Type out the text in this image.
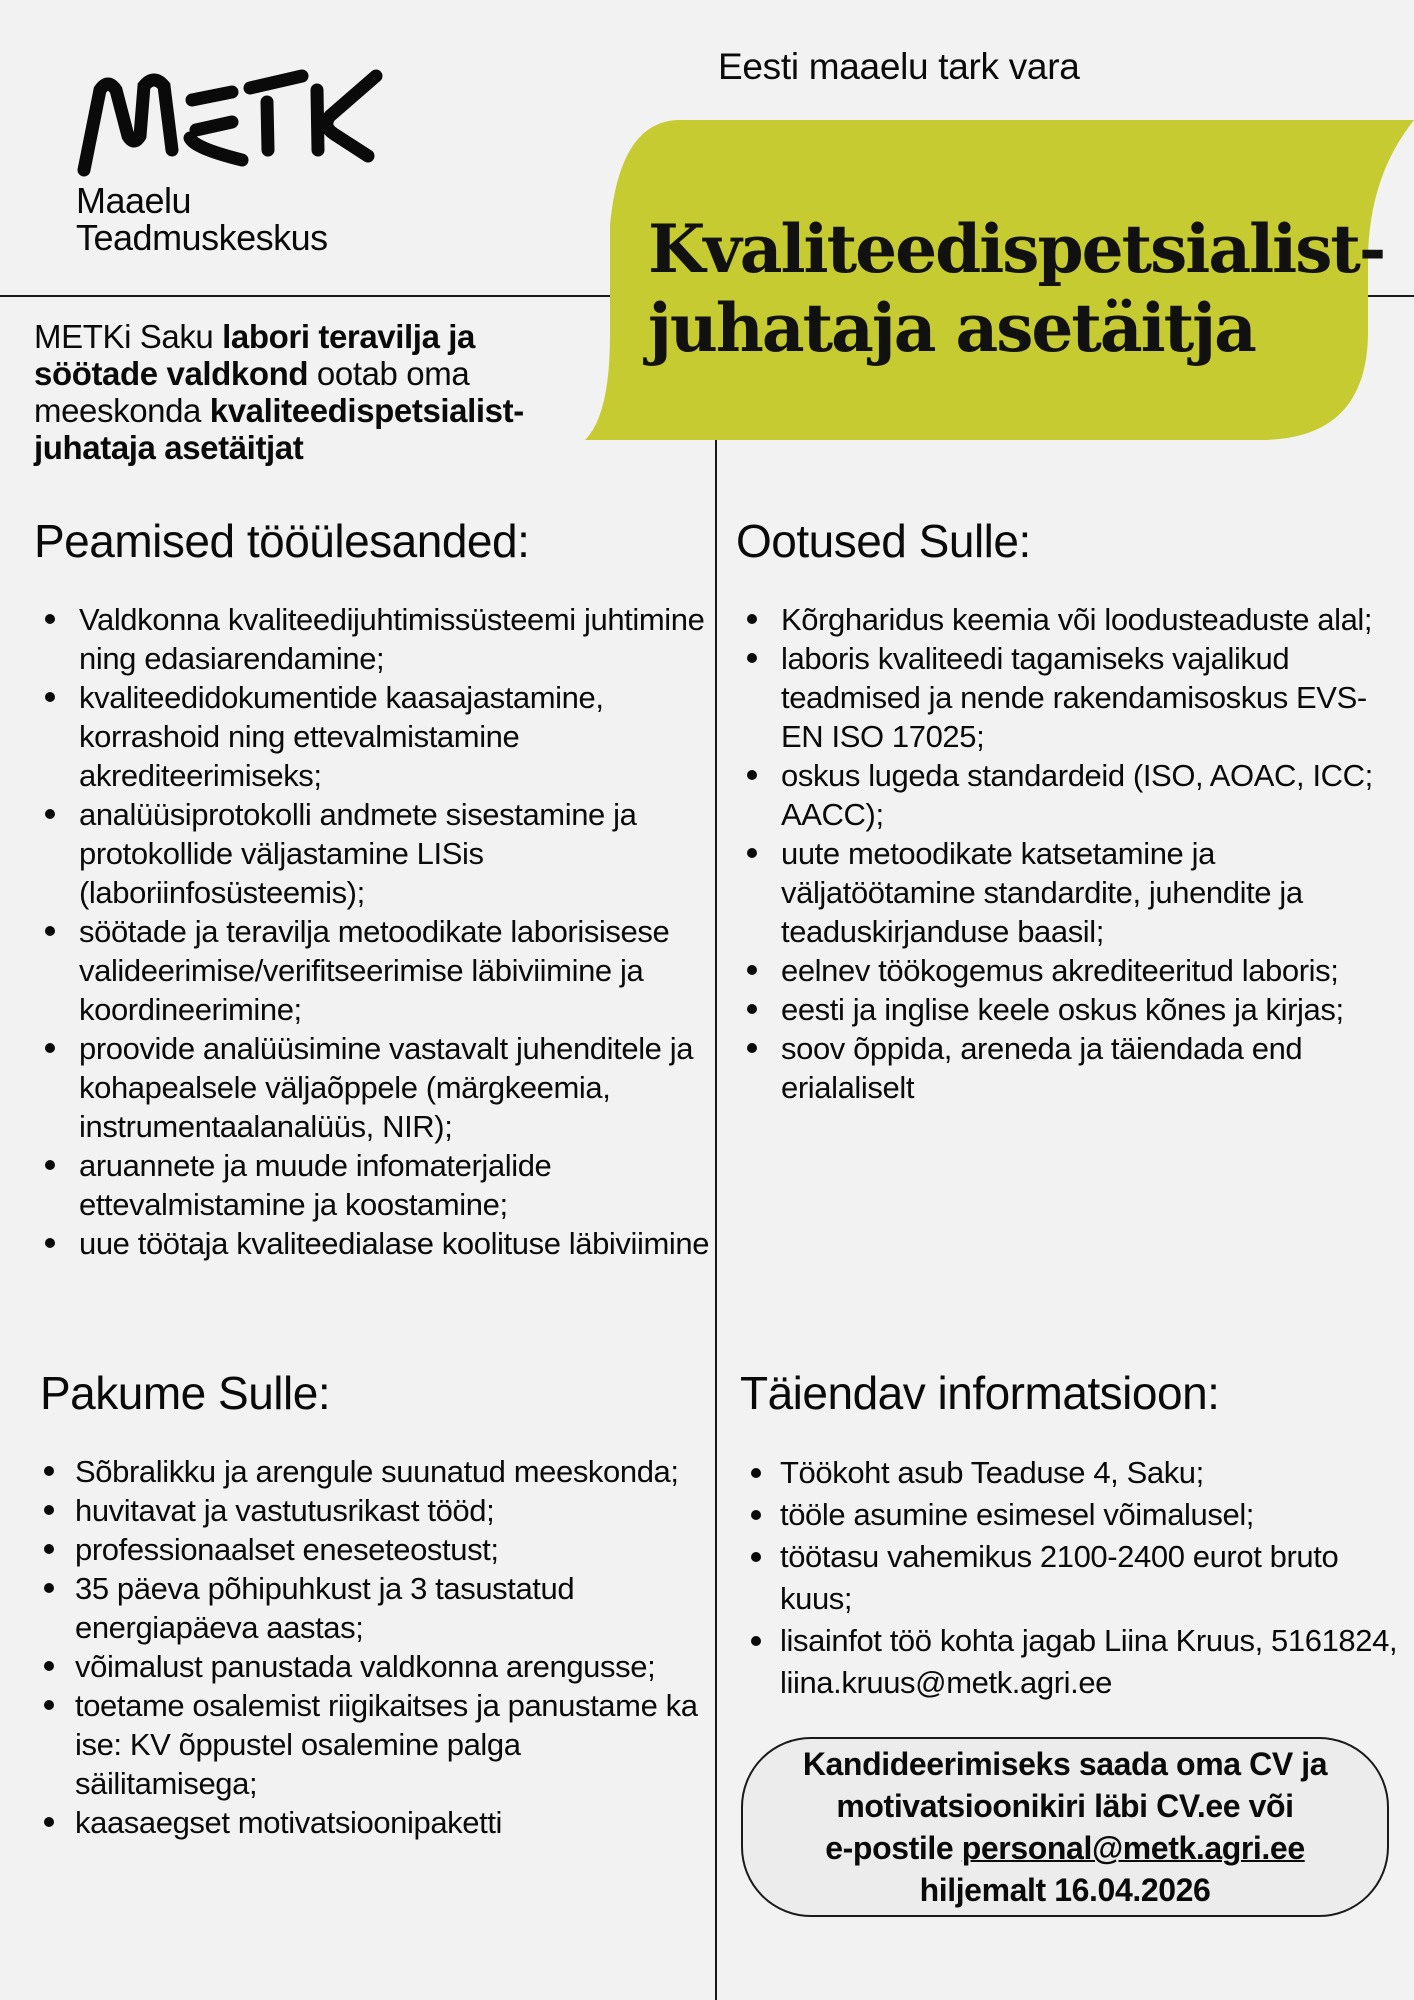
Maaelu
Teadmuskeskus
Eesti maaelu tark vara
Kvaliteedispetsialist-
juhataja asetäitja
METKi Saku labori teravilja ja söötade valdkond ootab oma meeskonda kvaliteedispetsialist-juhataja asetäitjat
Peamised tööülesanded:
Valdkonna kvaliteedijuhtimissüsteemi juhtimine ning edasiarendamine;
kvaliteedidokumentide kaasajastamine, korrashoid ning ettevalmistamine akrediteerimiseks;
analüüsiprotokolli andmete sisestamine ja protokollide väljastamine LISis (laboriinfosüsteemis);
söötade ja teravilja metoodikate laborisisese valideerimise/verifitseerimise läbiviimine ja koordineerimine;
proovide analüüsimine vastavalt juhenditele ja kohapealsele väljaõppele (märgkeemia, instrumentaalanalüüs, NIR);
aruannete ja muude infomaterjalide ettevalmistamine ja koostamine;
uue töötaja kvaliteedialase koolituse läbiviimine
Ootused Sulle:
Kõrgharidus keemia või loodusteaduste alal;
laboris kvaliteedi tagamiseks vajalikud teadmised ja nende rakendamisoskus EVS-EN ISO 17025;
oskus lugeda standardeid (ISO, AOAC, ICC; AACC);
uute metoodikate katsetamine ja väljatöötamine standardite, juhendite ja teaduskirjanduse baasil;
eelnev töökogemus akrediteeritud laboris;
eesti ja inglise keele oskus kõnes ja kirjas;
soov õppida, areneda ja täiendada end erialaliselt
Pakume Sulle:
Sõbralikku ja arengule suunatud meeskonda;
huvitavat ja vastutusrikast tööd;
professionaalset eneseteostust;
35 päeva põhipuhkust ja 3 tasustatud energiapäeva aastas;
võimalust panustada valdkonna arengusse;
toetame osalemist riigikaitses ja panustame ka ise: KV õppustel osalemine palga säilitamisega;
kaasaegset motivatsioonipaketti
Täiendav informatsioon:
Töökoht asub Teaduse 4, Saku;
tööle asumine esimesel võimalusel;
töötasu vahemikus 2100-2400 eurot bruto kuus;
lisainfot töö kohta jagab Liina Kruus, 5161824, liina.kruus@metk.agri.ee
Kandideerimiseks saada oma CV ja
motivatsioonikiri läbi CV.ee või
e-postile personal@metk.agri.ee
hiljemalt 16.04.2026
